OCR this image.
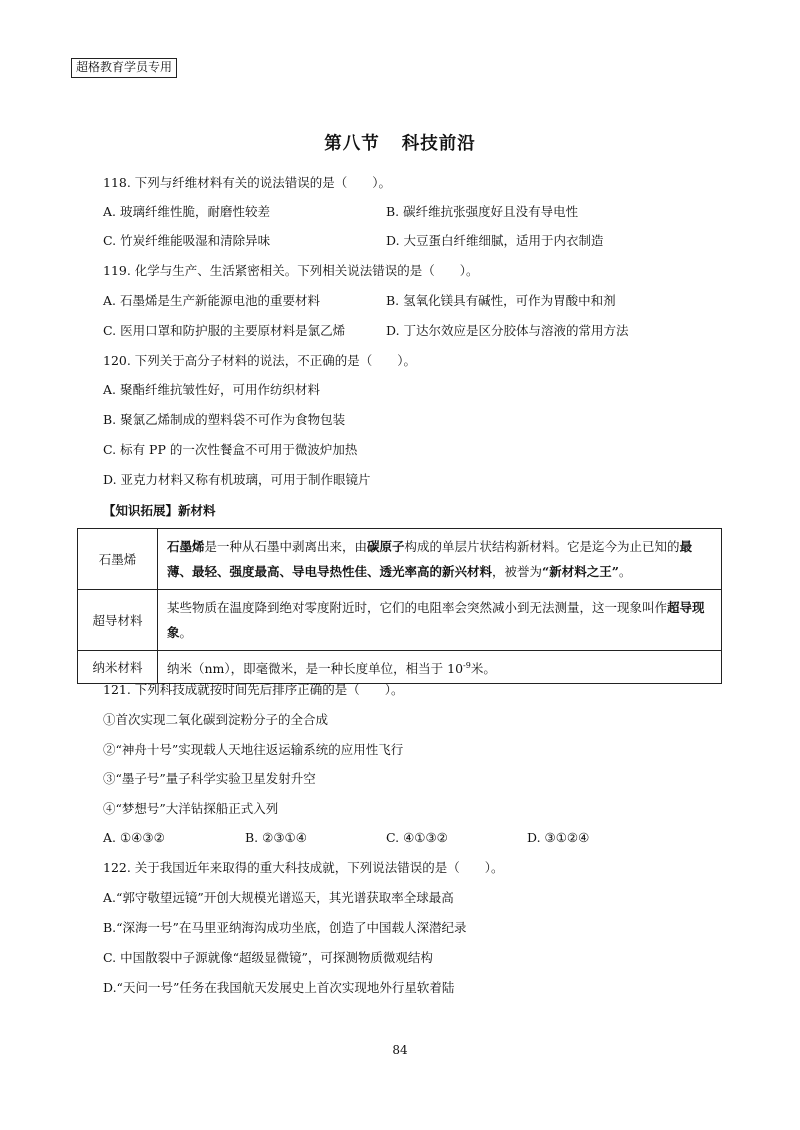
超格教育学员专用
第八节 科技前沿
118. 下列与纤维材料有关的说法错误的是（　　）。
A. 玻璃纤维性脆，耐磨性较差	B. 碳纤维抗张强度好且没有导电性
C. 竹炭纤维能吸湿和清除异味	D. 大豆蛋白纤维细腻，适用于内衣制造
119. 化学与生产、生活紧密相关。下列相关说法错误的是（　　）。
A. 石墨烯是生产新能源电池的重要材料	B. 氢氧化镁具有碱性，可作为胃酸中和剂
C. 医用口罩和防护服的主要原材料是氯乙烯	D. 丁达尔效应是区分胶体与溶液的常用方法
120. 下列关于高分子材料的说法，不正确的是（　　）。
A. 聚酯纤维抗皱性好，可用作纺织材料
B. 聚氯乙烯制成的塑料袋不可作为食物包装
C. 标有 PP 的一次性餐盒不可用于微波炉加热
D. 亚克力材料又称有机玻璃，可用于制作眼镜片
【知识拓展】新材料
石墨烯	石墨烯是一种从石墨中剥离出来，由碳原子构成的单层片状结构新材料。它是迄今为止已知的最薄、最轻、强度最高、导电导热性佳、透光率高的新兴材料，被誉为“新材料之王”。
超导材料	某些物质在温度降到绝对零度附近时，它们的电阻率会突然减小到无法测量，这一现象叫作超导现象。
纳米材料	纳米（nm），即毫微米，是一种长度单位，相当于 $10^{-9}$米。
121. 下列科技成就按时间先后排序正确的是（　　）。
①首次实现二氧化碳到淀粉分子的全合成
②“神舟十号”实现载人天地往返运输系统的应用性飞行
③“墨子号”量子科学实验卫星发射升空
④“梦想号”大洋钻探船正式入列
A. ①④③②	B. ②③①④	C. ④①③②	D. ③①②④
122. 关于我国近年来取得的重大科技成就，下列说法错误的是（　　）。
A.“郭守敬望远镜”开创大规模光谱巡天，其光谱获取率全球最高
B.“深海一号”在马里亚纳海沟成功坐底，创造了中国载人深潜纪录
C. 中国散裂中子源就像“超级显微镜”，可探测物质微观结构
D.“天问一号”任务在我国航天发展史上首次实现地外行星软着陆
84
